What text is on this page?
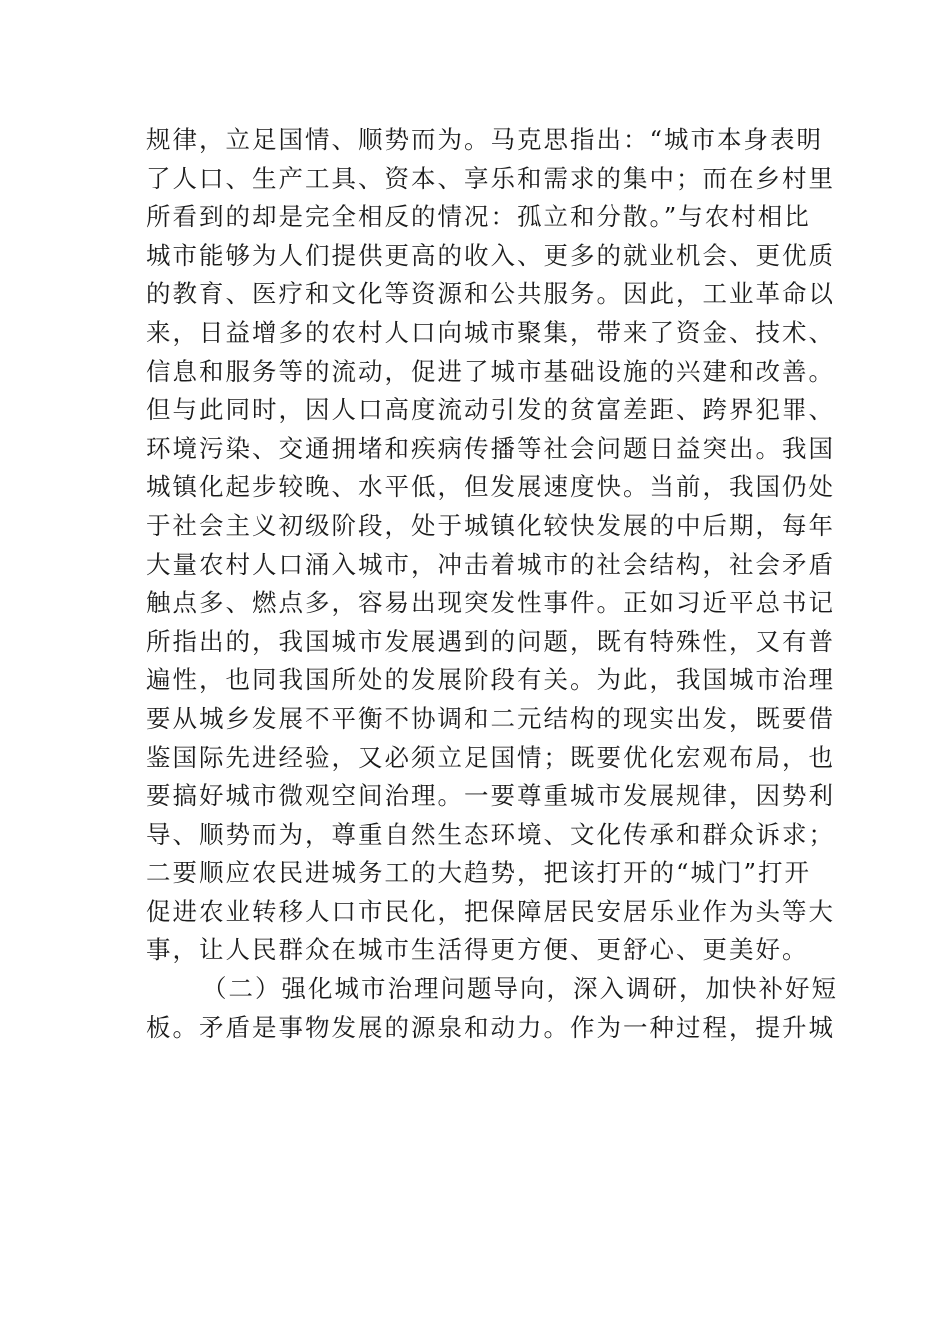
规律，立足国情、顺势而为。马克思指出：“城市本身表明
了人口、生产工具、资本、享乐和需求的集中；而在乡村里
所看到的却是完全相反的情况：孤立和分散。”与农村相比
城市能够为人们提供更高的收入、更多的就业机会、更优质
的教育、医疗和文化等资源和公共服务。因此，工业革命以
来，日益增多的农村人口向城市聚集，带来了资金、技术、
信息和服务等的流动，促进了城市基础设施的兴建和改善。
但与此同时，因人口高度流动引发的贫富差距、跨界犯罪、
环境污染、交通拥堵和疾病传播等社会问题日益突出。我国
城镇化起步较晚、水平低，但发展速度快。当前，我国仍处
于社会主义初级阶段，处于城镇化较快发展的中后期，每年
大量农村人口涌入城市，冲击着城市的社会结构，社会矛盾
触点多、燃点多，容易出现突发性事件。正如习近平总书记
所指出的，我国城市发展遇到的问题，既有特殊性，又有普
遍性，也同我国所处的发展阶段有关。为此，我国城市治理
要从城乡发展不平衡不协调和二元结构的现实出发，既要借
鉴国际先进经验，又必须立足国情；既要优化宏观布局，也
要搞好城市微观空间治理。一要尊重城市发展规律，因势利
导、顺势而为，尊重自然生态环境、文化传承和群众诉求；
二要顺应农民进城务工的大趋势，把该打开的“城门”打开
促进农业转移人口市民化，把保障居民安居乐业作为头等大
事，让人民群众在城市生活得更方便、更舒心、更美好。
（二）强化城市治理问题导向，深入调研，加快补好短
板。矛盾是事物发展的源泉和动力。作为一种过程，提升城
